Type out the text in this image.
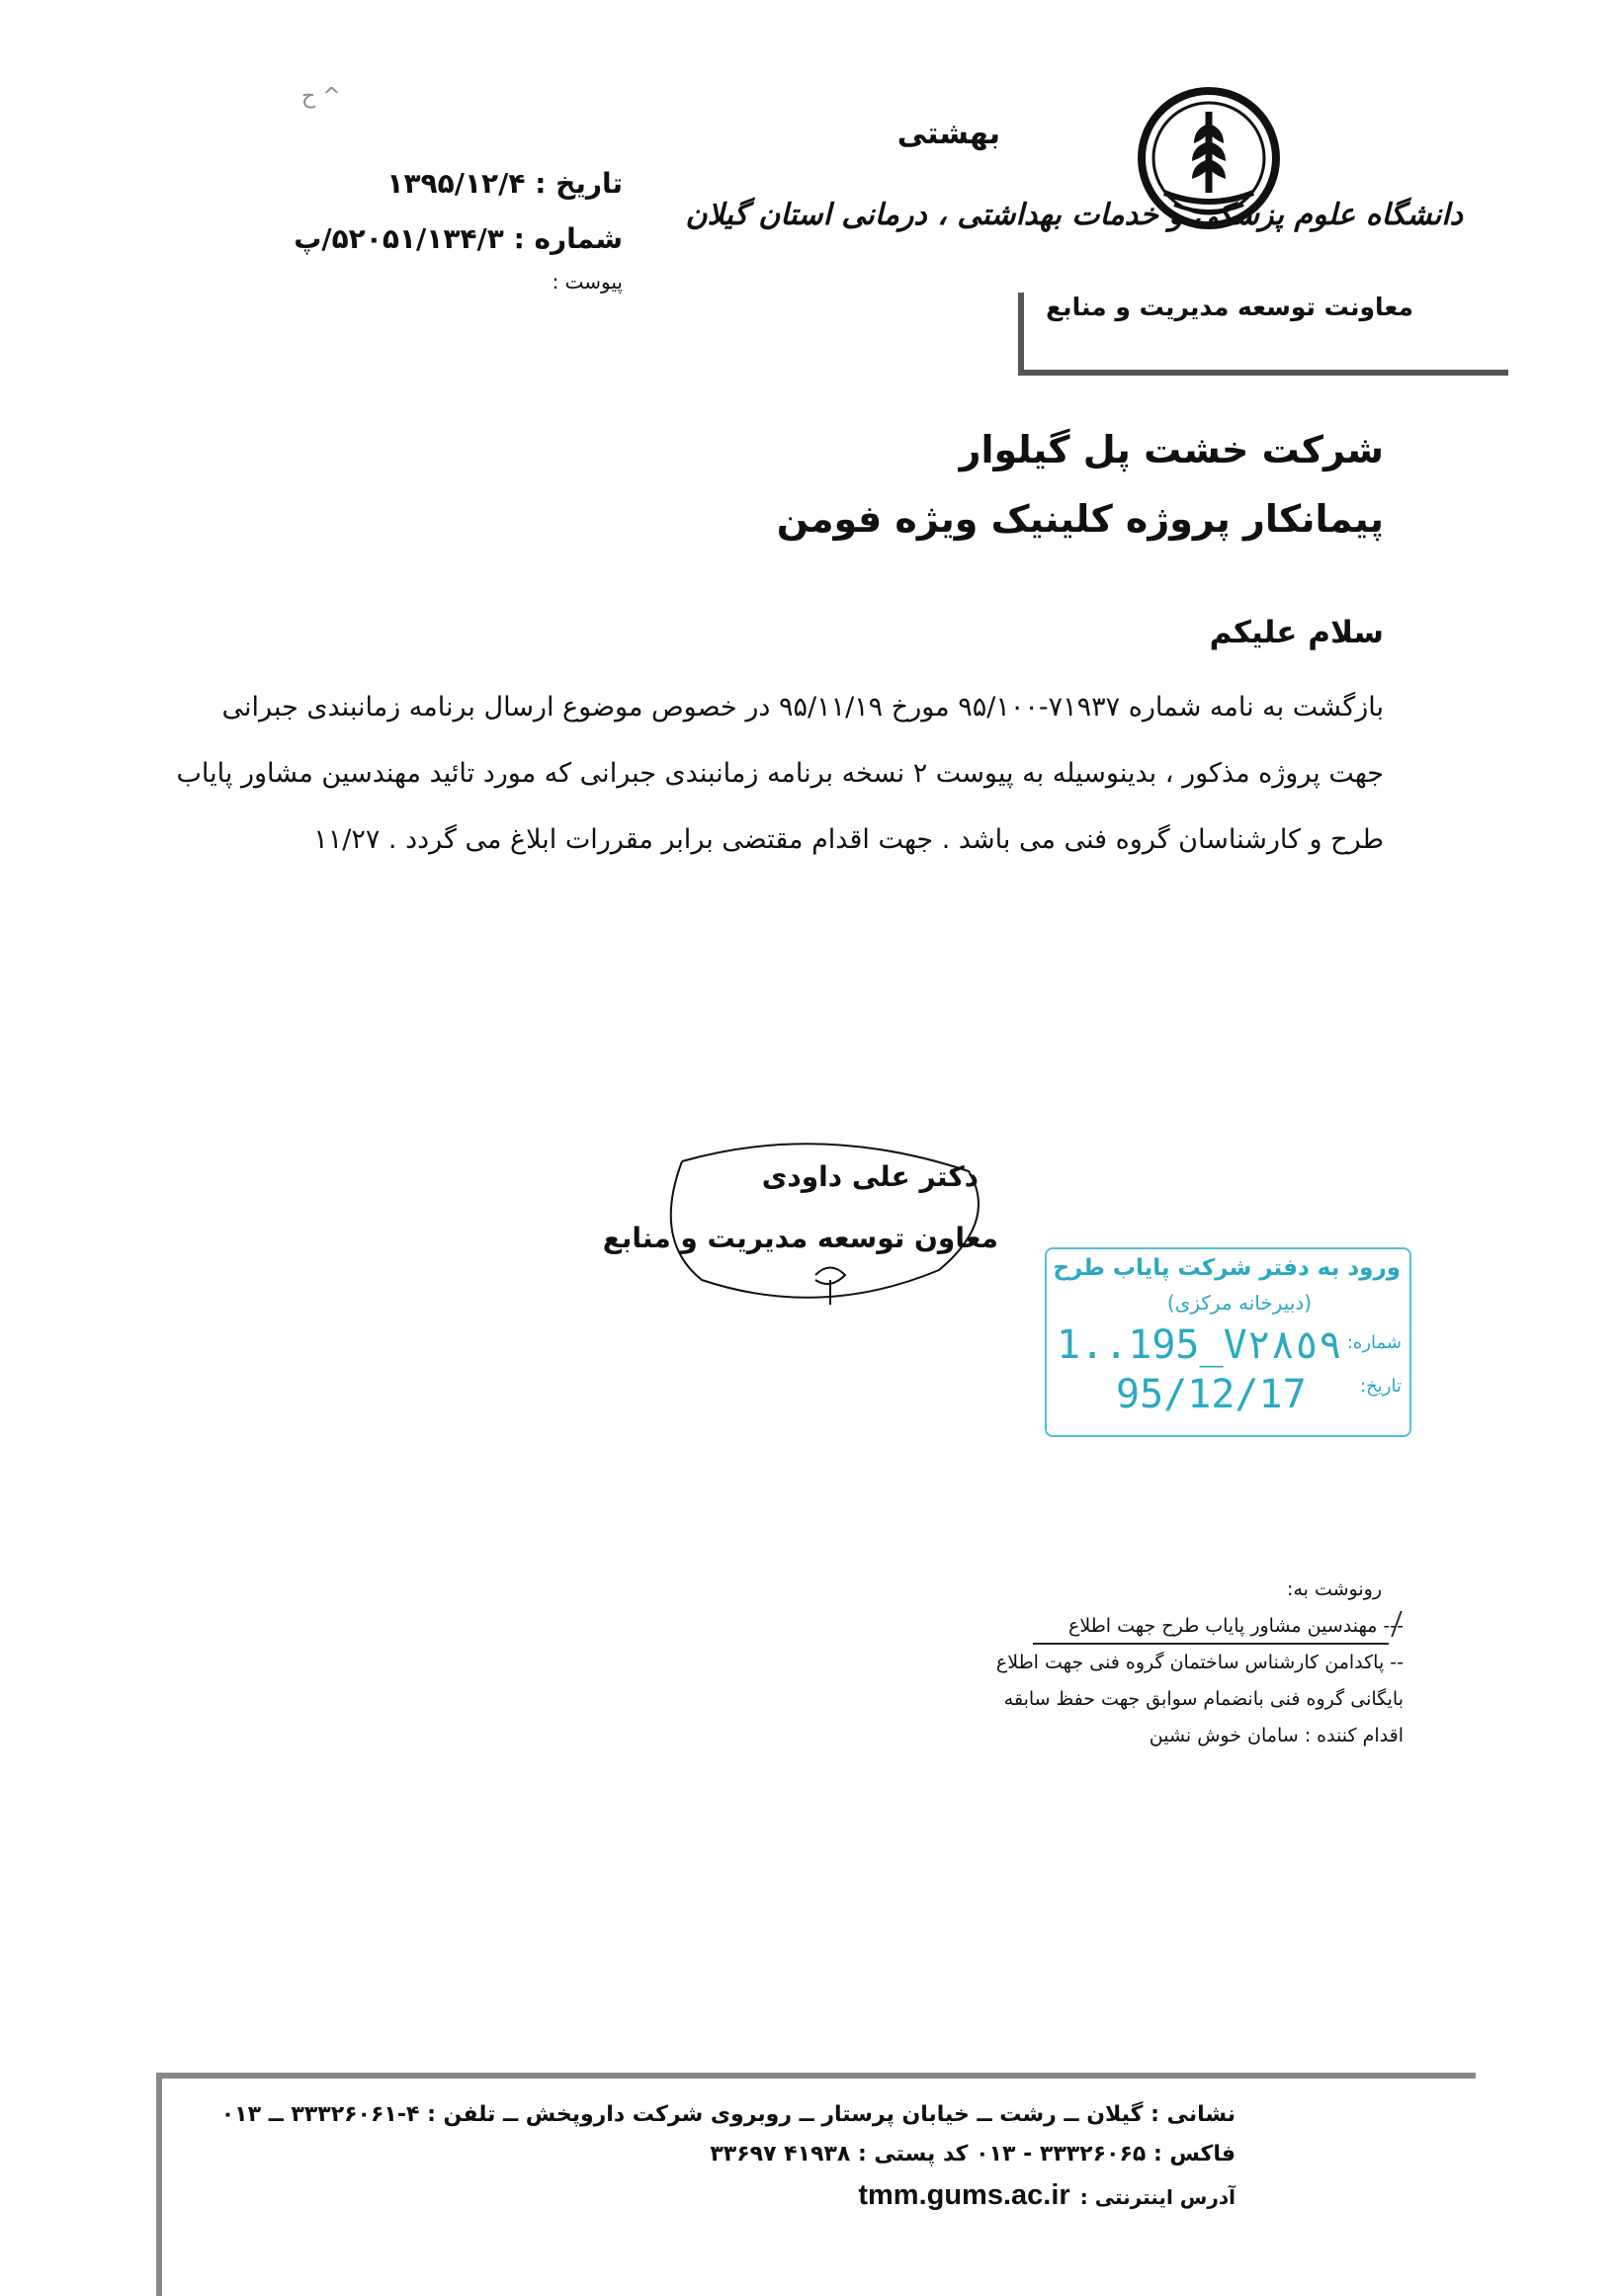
ح ^
تاریخ : ۱۳۹۵/۱۲/۴
شماره : ۵۲۰۵۱/۱۳۴/۳/پ
پیوست :
بهشتی
دانشگاه علوم پزشکی و خدمات بهداشتی ، درمانی استان گیلان
معاونت توسعه مدیریت و منابع
شرکت خشت پل گیلوار
پیمانکار پروژه کلینیک ویژه فومن
سلام علیکم

بازگشت به نامه شماره ۷۱۹۳۷-۹۵/۱۰۰ مورخ ۹۵/۱۱/۱۹ در خصوص موضوع ارسال برنامه زمانبندی جبرانی

جهت پروژه مذکور ، بدینوسیله به پیوست ۲ نسخه برنامه زمانبندی جبرانی که مورد تائید مهندسین مشاور پایاب

طرح و کارشناسان گروه فنی می باشد . جهت اقدام مقتضی برابر مقررات ابلاغ می گردد . ۱۱/۲۷

دکتر علی داودی
معاون توسعه مدیریت و منابع
ورود به دفتر شرکت پایاب طرح
(دبیرخانه مرکزی)
شماره:
تاریخ:
1..195_V٢٨٥٩
95/12/17
رونوشت به:
--- مهندسین مشاور پایاب طرح جهت اطلاع
-- پاکدامن کارشناس ساختمان گروه فنی جهت اطلاع
بایگانی گروه فنی بانضمام سوابق جهت حفظ سابقه
اقدام کننده : سامان خوش نشین
نشانی : گیلان ــ رشت ــ خیابان پرستار ــ روبروی شرکت داروپخش ــ تلفن : ۴-۳۳۳۲۶۰۶۱ ــ ۰۱۳
فاکس : ۳۳۳۲۶۰۶۵ - ۰۱۳ کد پستی : ۴۱۹۳۸ ۳۳۶۹۷
آدرس اینترنتی : tmm.gums.ac.ir
